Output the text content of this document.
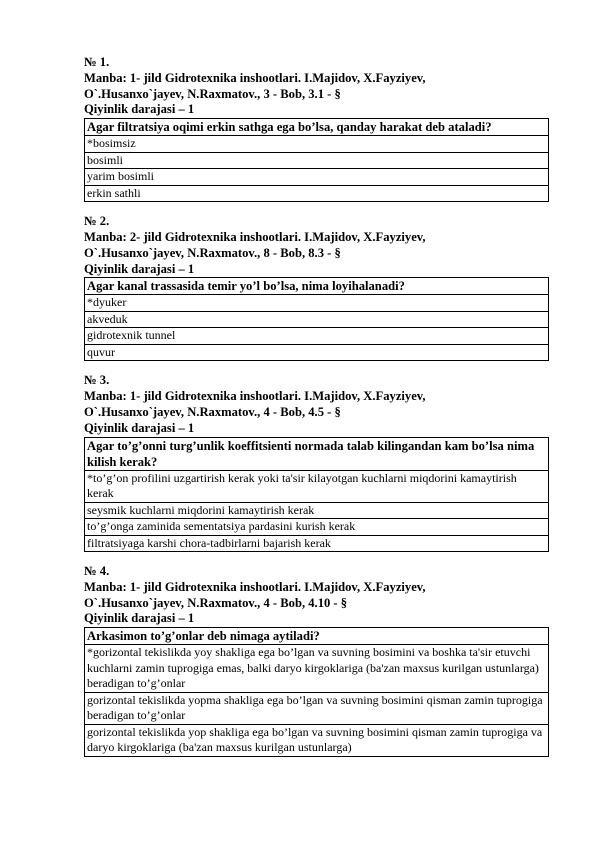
№ 1.
Manba: 1- jild Gidrotexnika inshootlari. I.Majidov, X.Fayziyev,
O`.Husanxo`jayev, N.Raxmatov., 3 - Bob, 3.1 - §
Qiyinlik darajasi – 1
Agar filtratsiya oqimi erkin sathga ega bo’lsa, qanday harakat deb ataladi?
*bosimsiz
bosimli
yarim bosimli
erkin sathli
№ 2.
Manba: 2- jild Gidrotexnika inshootlari. I.Majidov, X.Fayziyev,
O`.Husanxo`jayev, N.Raxmatov., 8 - Bob, 8.3 - §
Qiyinlik darajasi – 1
Agar kanal trassasida temir yo’l bo’lsa, nima loyihalanadi?
*dyuker
akveduk
gidrotexnik tunnel
quvur
№ 3.
Manba: 1- jild Gidrotexnika inshootlari. I.Majidov, X.Fayziyev,
O`.Husanxo`jayev, N.Raxmatov., 4 - Bob, 4.5 - §
Qiyinlik darajasi – 1
Agar to’g’onni turg’unlik koeffitsienti normada talab kilingandan kam bo’lsa nima kilish kerak?
*to’g’on profilini uzgartirish kerak yoki ta'sir kilayotgan kuchlarni miqdorini kamaytirish kerak
seysmik kuchlarni miqdorini kamaytirish kerak
to’g’onga zaminida sementatsiya pardasini kurish kerak
filtratsiyaga karshi chora-tadbirlarni bajarish kerak
№ 4.
Manba: 1- jild Gidrotexnika inshootlari. I.Majidov, X.Fayziyev,
O`.Husanxo`jayev, N.Raxmatov., 4 - Bob, 4.10 - §
Qiyinlik darajasi – 1
Arkasimon to’g’onlar deb nimaga aytiladi?
*gorizontal tekislikda yoy shakliga ega bo’lgan va suvning bosimini va boshka ta'sir etuvchi kuchlarni zamin tuprogiga emas, balki daryo kirgoklariga (ba'zan maxsus kurilgan ustunlarga) beradigan to’g’onlar
gorizontal tekislikda yopma shakliga ega bo’lgan va suvning bosimini qisman zamin tuprogiga beradigan to’g’onlar
gorizontal tekislikda yop shakliga ega bo’lgan va suvning bosimini qisman zamin tuprogiga va daryo kirgoklariga (ba'zan maxsus kurilgan ustunlarga)
